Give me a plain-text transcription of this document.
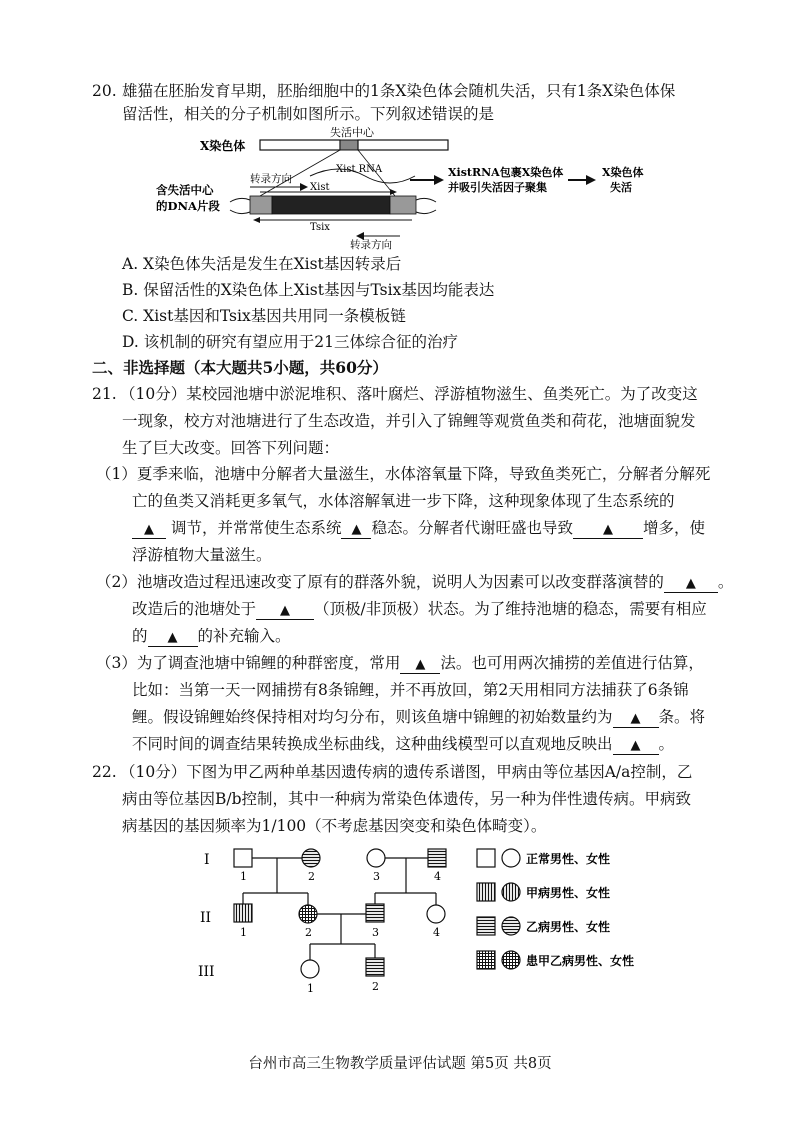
20. 雄猫在胚胎发育早期，胚胎细胞中的1条X染色体会随机失活，只有1条X染色体保
留活性，相关的分子机制如图所示。下列叙述错误的是
X染色体
失活中心
Xist RNA
转录方向
Xist
含失活中心
的DNA片段
Tsix
转录方向
XistRNA包裹X染色体
并吸引失活因子聚集
X染色体
失活
A. X染色体失活是发生在Xist基因转录后
B. 保留活性的X染色体上Xist基因与Tsix基因均能表达
C. Xist基因和Tsix基因共用同一条模板链
D. 该机制的研究有望应用于21三体综合征的治疗
二、非选择题（本大题共5小题，共60分）
21. （10分）某校园池塘中淤泥堆积、落叶腐烂、浮游植物滋生、鱼类死亡。为了改变这
一现象，校方对池塘进行了生态改造，并引入了锦鲤等观赏鱼类和荷花，池塘面貌发
生了巨大改变。回答下列问题：
（1）夏季来临，池塘中分解者大量滋生，水体溶氧量下降，导致鱼类死亡，分解者分解死
亡的鱼类又消耗更多氧气，水体溶解氧进一步下降，这种现象体现了生态系统的
▲ 调节，并常常使生态系统 ▲ 稳态。分解者代谢旺盛也导致 ▲ 增多，使
浮游植物大量滋生。
（2）池塘改造过程迅速改变了原有的群落外貌，说明人为因素可以改变群落演替的 ▲ 。
改造后的池塘处于 ▲ （顶极/非顶极）状态。为了维持池塘的稳态，需要有相应
的 ▲ 的补充输入。
（3）为了调查池塘中锦鲤的种群密度，常用 ▲ 法。也可用两次捕捞的差值进行估算，
比如：当第一天一网捕捞有8条锦鲤，并不再放回，第2天用相同方法捕获了6条锦
鲤。假设锦鲤始终保持相对均匀分布，则该鱼塘中锦鲤的初始数量约为 ▲ 条。将
不同时间的调查结果转换成坐标曲线，这种曲线模型可以直观地反映出 ▲ 。
22. （10分）下图为甲乙两种单基因遗传病的遗传系谱图，甲病由等位基因A/a控制，乙
病由等位基因B/b控制，其中一种病为常染色体遗传，另一种为伴性遗传病。甲病致
病基因的基因频率为1/100（不考虑基因突变和染色体畸变）。
I
II
III
1	2	3	4
1	2	3	4
1	2
正常男性、女性
甲病男性、女性
乙病男性、女性
患甲乙病男性、女性
台州市高三生物教学质量评估试题 第5页 共8页
